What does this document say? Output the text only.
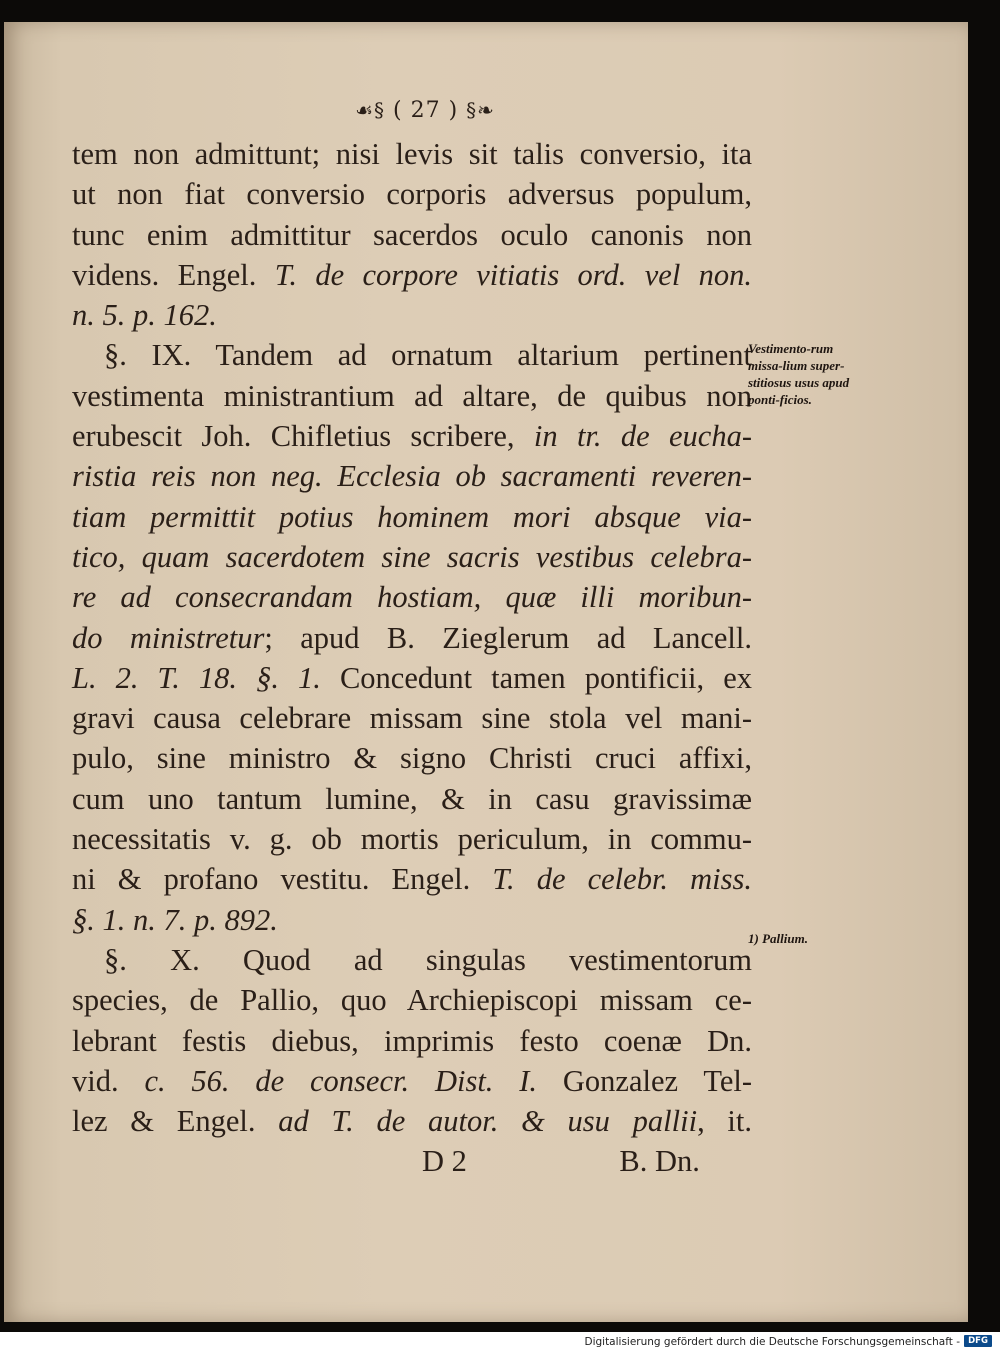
☙§ ( 27 ) §❧
tem non admittunt; nisi levis sit talis conversio, ita
ut non fiat conversio corporis adversus populum,
tunc enim admittitur sacerdos oculo canonis non
videns. Engel. T. de corpore vitiatis ord. vel non.
n. 5. p. 162.
§. IX. Tandem ad ornatum altarium pertinent
vestimenta ministrantium ad altare, de quibus non
erubescit Joh. Chifletius scribere, in tr. de eucha-
ristia reis non neg. Ecclesia ob sacramenti reveren-
tiam permittit potius hominem mori absque via-
tico, quam sacerdotem sine sacris vestibus celebra-
re ad consecrandam hostiam, quæ illi moribun-
do ministretur; apud B. Zieglerum ad Lancell.
L. 2. T. 18. §. 1. Concedunt tamen pontificii, ex
gravi causa celebrare missam sine stola vel mani-
pulo, sine ministro & signo Christi cruci affixi,
cum uno tantum lumine, & in casu gravissimæ
necessitatis v. g. ob mortis periculum, in commu-
ni & profano vestitu. Engel. T. de celebr. miss.
§. 1. n. 7. p. 892.
§. X. Quod ad singulas vestimentorum
species, de Pallio, quo Archiepiscopi missam ce-
lebrant festis diebus, imprimis festo coenæ Dn.
vid. c. 56. de consecr. Dist. I. Gonzalez Tel-
lez & Engel. ad T. de autor. & usu pallii, it.
D 2                    B. Dn.
Vestimento-rum missa-lium super-stitiosus usus apud ponti-ficios.
1) Pallium.
Digitalisierung gefördert durch die Deutsche Forschungsgemeinschaft - DFG
